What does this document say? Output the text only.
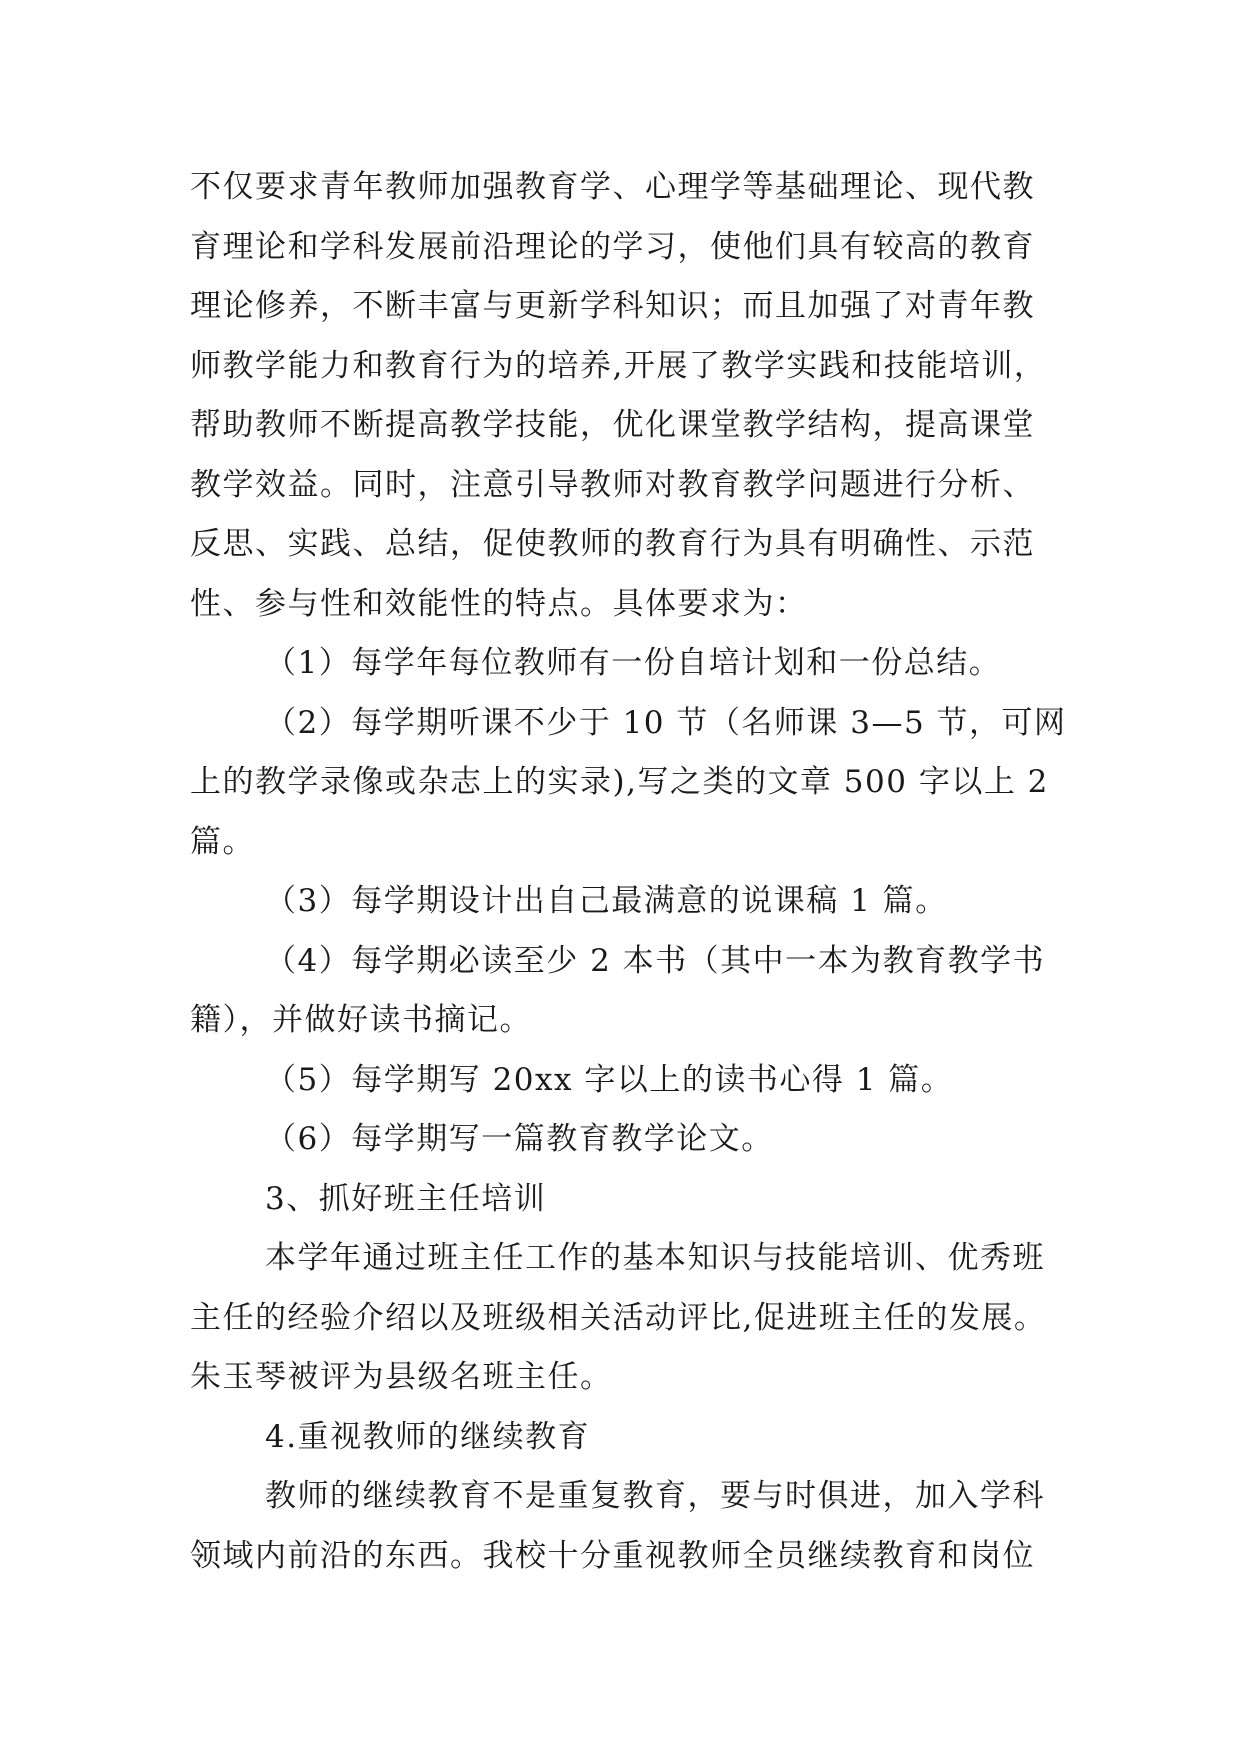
不仅要求青年教师加强教育学、心理学等基础理论、现代教
育理论和学科发展前沿理论的学习，使他们具有较高的教育
理论修养，不断丰富与更新学科知识；而且加强了对青年教
师教学能力和教育行为的培养,开展了教学实践和技能培训，
帮助教师不断提高教学技能，优化课堂教学结构，提高课堂
教学效益。同时，注意引导教师对教育教学问题进行分析、
反思、实践、总结，促使教师的教育行为具有明确性、示范
性、参与性和效能性的特点。具体要求为：
（1）每学年每位教师有一份自培计划和一份总结。
（2）每学期听课不少于 10 节（名师课 3—5 节，可网
上的教学录像或杂志上的实录),写之类的文章 500 字以上 2
篇。
（3）每学期设计出自己最满意的说课稿 1 篇。
（4）每学期必读至少 2 本书（其中一本为教育教学书
籍），并做好读书摘记。
（5）每学期写 20xx 字以上的读书心得 1 篇。
（6）每学期写一篇教育教学论文。
3、抓好班主任培训
本学年通过班主任工作的基本知识与技能培训、优秀班
主任的经验介绍以及班级相关活动评比,促进班主任的发展。
朱玉琴被评为县级名班主任。
4.重视教师的继续教育
教师的继续教育不是重复教育，要与时俱进，加入学科
领域内前沿的东西。我校十分重视教师全员继续教育和岗位
